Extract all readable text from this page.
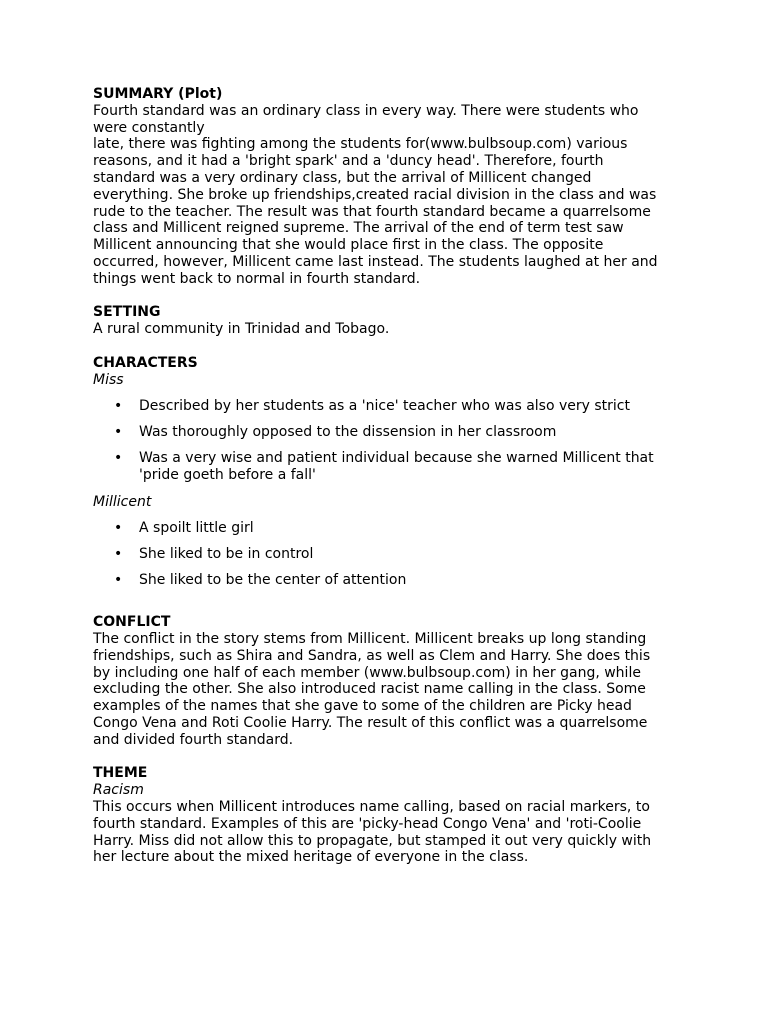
SUMMARY (Plot)

Fourth standard was an ordinary class in every way. There were students who
were constantly
late, there was fighting among the students for(www.bulbsoup.com) various
reasons, and it had a 'bright spark' and a 'duncy head'. Therefore, fourth
standard was a very ordinary class, but the arrival of Millicent changed
everything. She broke up friendships,created racial division in the class and was
rude to the teacher. The result was that fourth standard became a quarrelsome
class and Millicent reigned supreme. The arrival of the end of term test saw
Millicent announcing that she would place first in the class. The opposite
occurred, however, Millicent came last instead. The students laughed at her and
things went back to normal in fourth standard.

SETTING

A rural community in Trinidad and Tobago.

CHARACTERS

Miss

• Described by her students as a 'nice' teacher who was also very strict
• Was thoroughly opposed to the dissension in her classroom
• Was a very wise and patient individual because she warned Millicent that
'pride goeth before a fall'

Millicent

• A spoilt little girl
• She liked to be in control
• She liked to be the center of attention

CONFLICT

The conflict in the story stems from Millicent. Millicent breaks up long standing
friendships, such as Shira and Sandra, as well as Clem and Harry. She does this
by including one half of each member (www.bulbsoup.com) in her gang, while
excluding the other. She also introduced racist name calling in the class. Some
examples of the names that she gave to some of the children are Picky head
Congo Vena and Roti Coolie Harry. The result of this conflict was a quarrelsome
and divided fourth standard.

THEME

Racism

This occurs when Millicent introduces name calling, based on racial markers, to
fourth standard. Examples of this are 'picky-head Congo Vena' and 'roti-Coolie
Harry. Miss did not allow this to propagate, but stamped it out very quickly with
her lecture about the mixed heritage of everyone in the class.
